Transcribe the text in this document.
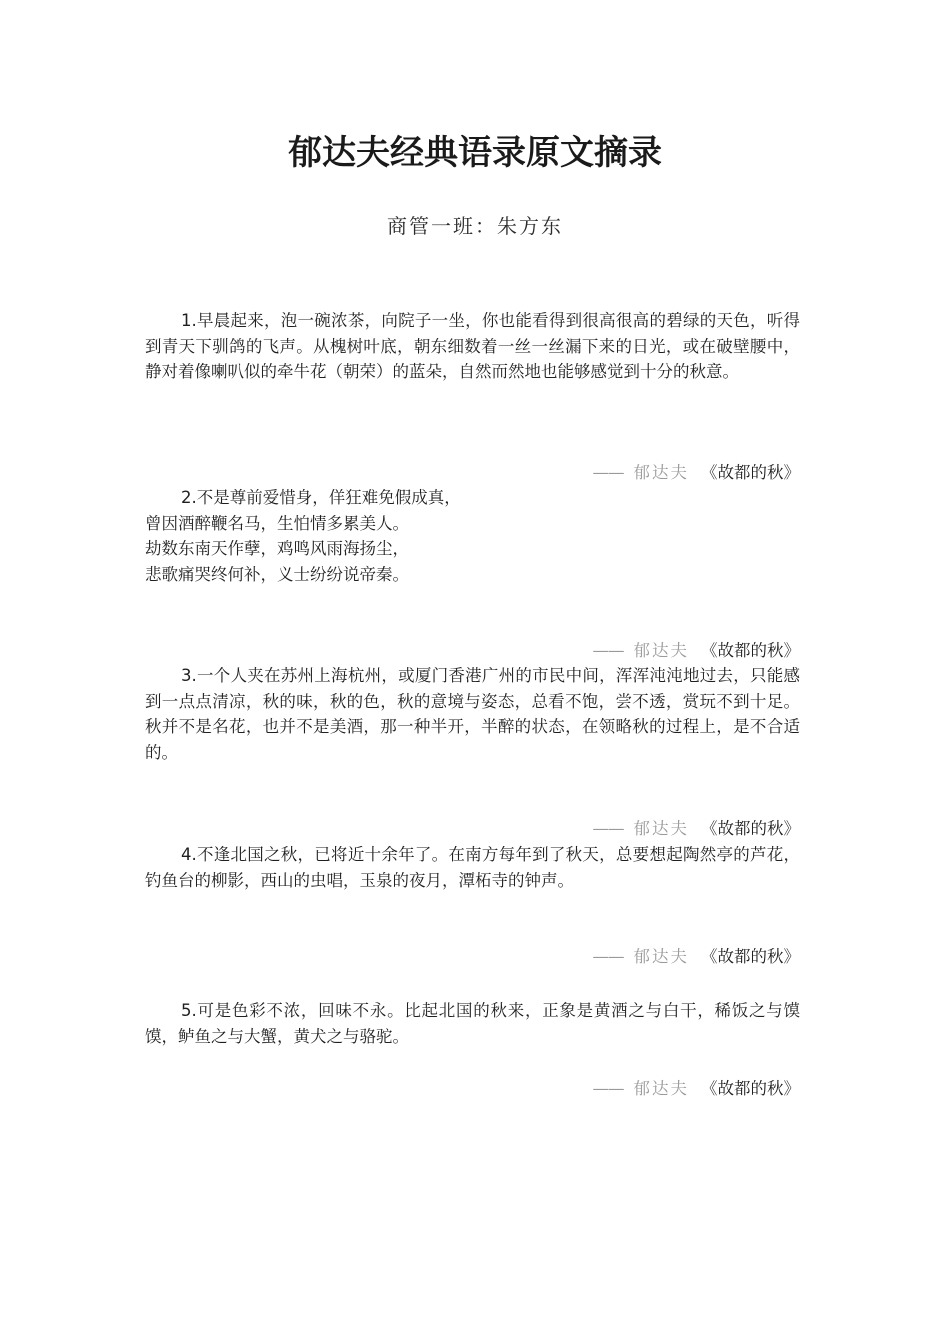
郁达夫经典语录原文摘录
商管一班：朱方东

1.早晨起来，泡一碗浓茶，向院子一坐，你也能看得到很高很高的碧绿的天色，听得到青天下驯鸽的飞声。从槐树叶底，朝东细数着一丝一丝漏下来的日光，或在破壁腰中，静对着像喇叭似的牵牛花（朝荣）的蓝朵，自然而然地也能够感觉到十分的秋意。

—— 郁达夫 《故都的秋》

2.不是尊前爱惜身，佯狂难免假成真，
曾因酒醉鞭名马，生怕情多累美人。
劫数东南天作孽，鸡鸣风雨海扬尘，
悲歌痛哭终何补，义士纷纷说帝秦。

—— 郁达夫 《故都的秋》

3.一个人夹在苏州上海杭州，或厦门香港广州的市民中间，浑浑沌沌地过去，只能感到一点点清凉，秋的味，秋的色，秋的意境与姿态，总看不饱，尝不透，赏玩不到十足。秋并不是名花，也并不是美酒，那一种半开，半醉的状态，在领略秋的过程上，是不合适的。

—— 郁达夫 《故都的秋》

4.不逢北国之秋，已将近十余年了。在南方每年到了秋天，总要想起陶然亭的芦花，钓鱼台的柳影，西山的虫唱，玉泉的夜月，潭柘寺的钟声。

—— 郁达夫 《故都的秋》

5.可是色彩不浓，回味不永。比起北国的秋来，正象是黄酒之与白干，稀饭之与馍馍，鲈鱼之与大蟹，黄犬之与骆驼。

—— 郁达夫 《故都的秋》
